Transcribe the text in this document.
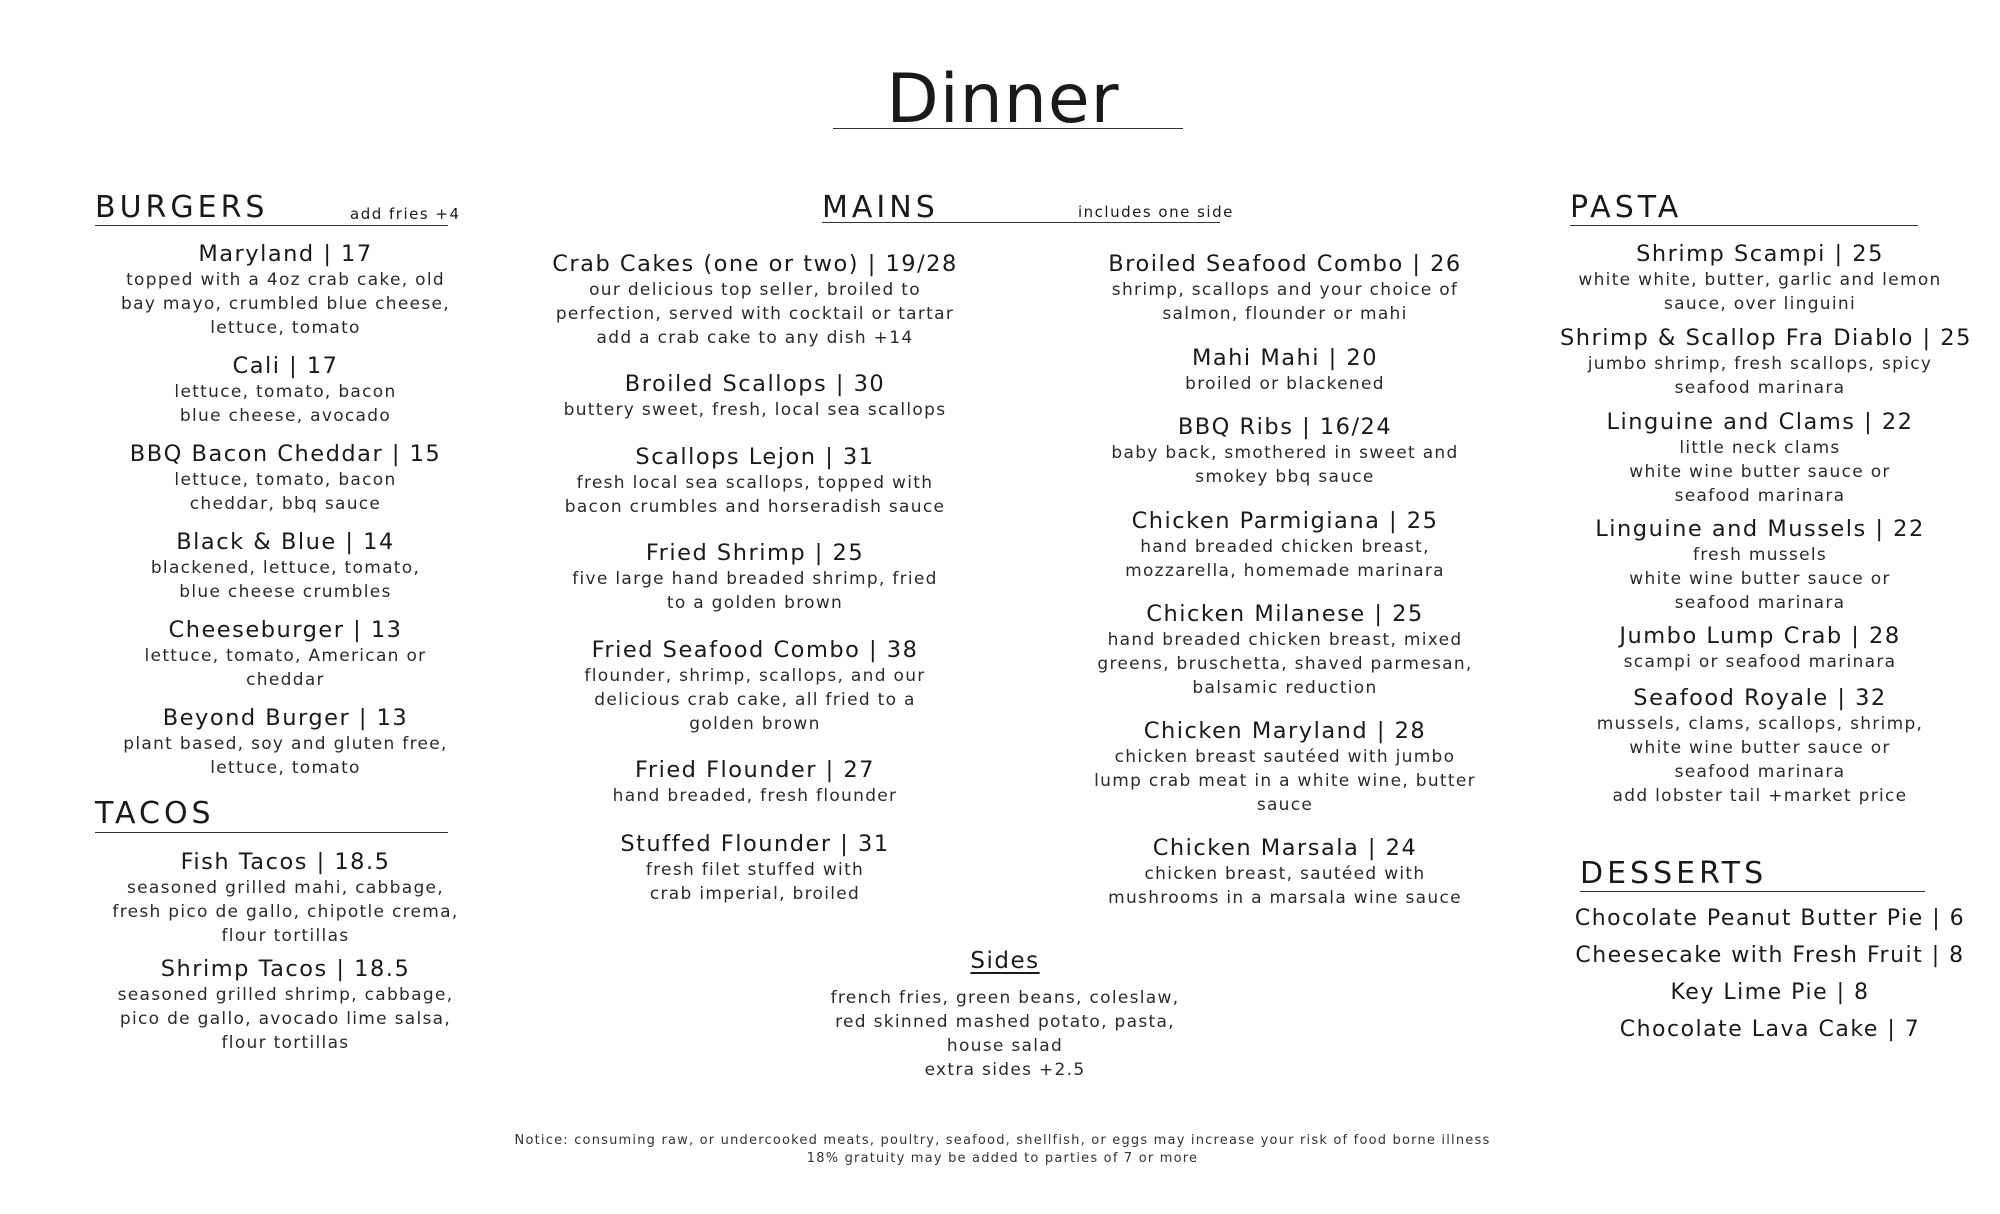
Dinner
BURGERS	add fries +4
Maryland | 17
topped with a 4oz crab cake, old
bay mayo, crumbled blue cheese,
lettuce, tomato
Cali | 17
lettuce, tomato, bacon
blue cheese, avocado
BBQ Bacon Cheddar | 15
lettuce, tomato, bacon
cheddar, bbq sauce
Black & Blue | 14
blackened, lettuce, tomato,
blue cheese crumbles
Cheeseburger | 13
lettuce, tomato, American or
cheddar
Beyond Burger | 13
plant based, soy and gluten free,
lettuce, tomato
TACOS
Fish Tacos | 18.5
seasoned grilled mahi, cabbage,
fresh pico de gallo, chipotle crema,
flour tortillas
Shrimp Tacos | 18.5
seasoned grilled shrimp, cabbage,
pico de gallo, avocado lime salsa,
flour tortillas
MAINS	includes one side
Crab Cakes (one or two) | 19/28
our delicious top seller, broiled to
perfection, served with cocktail or tartar
add a crab cake to any dish +14
Broiled Scallops | 30
buttery sweet, fresh, local sea scallops
Scallops Lejon | 31
fresh local sea scallops, topped with
bacon crumbles and horseradish sauce
Fried Shrimp | 25
five large hand breaded shrimp, fried
to a golden brown
Fried Seafood Combo | 38
flounder, shrimp, scallops, and our
delicious crab cake, all fried to a
golden brown
Fried Flounder | 27
hand breaded, fresh flounder
Stuffed Flounder | 31
fresh filet stuffed with
crab imperial, broiled
Broiled Seafood Combo | 26
shrimp, scallops and your choice of
salmon, flounder or mahi
Mahi Mahi | 20
broiled or blackened
BBQ Ribs | 16/24
baby back, smothered in sweet and
smokey bbq sauce
Chicken Parmigiana | 25
hand breaded chicken breast,
mozzarella, homemade marinara
Chicken Milanese | 25
hand breaded chicken breast, mixed
greens, bruschetta, shaved parmesan,
balsamic reduction
Chicken Maryland | 28
chicken breast sautéed with jumbo
lump crab meat in a white wine, butter
sauce
Chicken Marsala | 24
chicken breast, sautéed with
mushrooms in a marsala wine sauce
Sides
french fries, green beans, coleslaw,
red skinned mashed potato, pasta,
house salad
extra sides +2.5
PASTA
Shrimp Scampi | 25
white white, butter, garlic and lemon
sauce, over linguini
Shrimp & Scallop Fra Diablo | 25
jumbo shrimp, fresh scallops, spicy
seafood marinara
Linguine and Clams | 22
little neck clams
white wine butter sauce or
seafood marinara
Linguine and Mussels | 22
fresh mussels
white wine butter sauce or
seafood marinara
Jumbo Lump Crab | 28
scampi or seafood marinara
Seafood Royale | 32
mussels, clams, scallops, shrimp,
white wine butter sauce or
seafood marinara
add lobster tail +market price
DESSERTS
Chocolate Peanut Butter Pie | 6
Cheesecake with Fresh Fruit | 8
Key Lime Pie | 8
Chocolate Lava Cake | 7
Notice: consuming raw, or undercooked meats, poultry, seafood, shellfish, or eggs may increase your risk of food borne illness
18% gratuity may be added to parties of 7 or more
